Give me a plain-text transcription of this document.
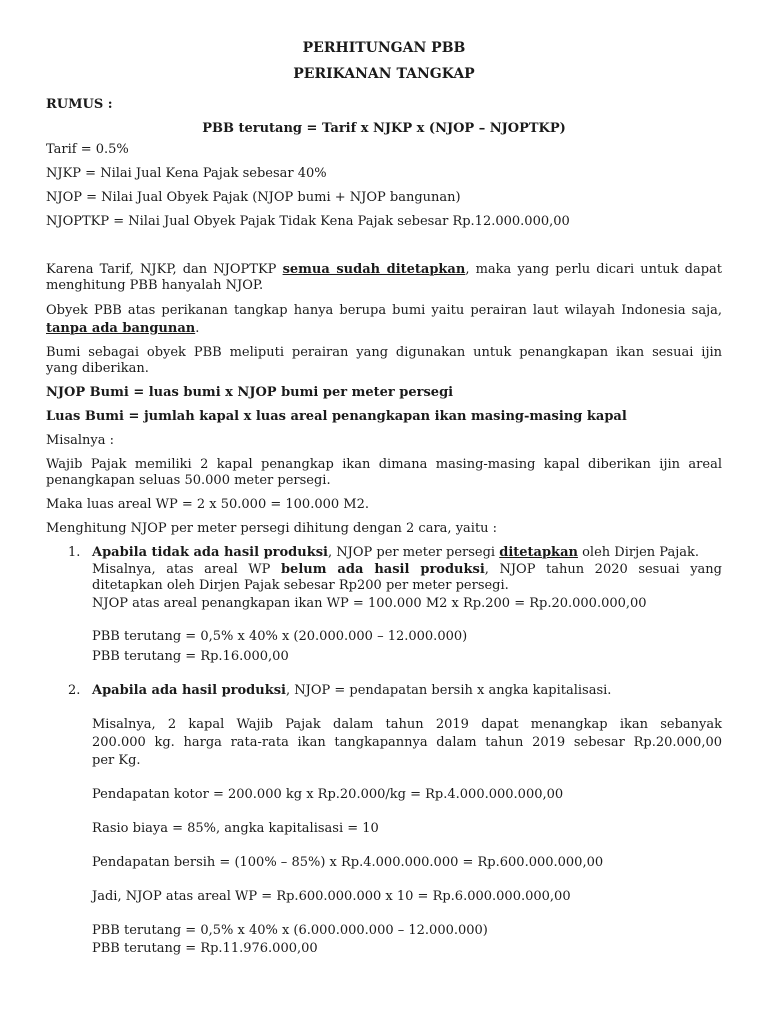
PERHITUNGAN PBB
PERIKANAN TANGKAP
RUMUS :
PBB terutang = Tarif x NJKP x (NJOP – NJOPTKP)
Tarif = 0.5%
NJKP = Nilai Jual Kena Pajak sebesar 40%
NJOP = Nilai Jual Obyek Pajak (NJOP bumi + NJOP bangunan)
NJOPTKP = Nilai Jual Obyek Pajak Tidak Kena Pajak sebesar Rp.12.000.000,00
Karena Tarif, NJKP, dan NJOPTKP semua sudah ditetapkan, maka yang perlu dicari untuk dapat
menghitung PBB hanyalah NJOP.
Obyek PBB atas perikanan tangkap hanya berupa bumi yaitu perairan laut wilayah Indonesia saja,
tanpa ada bangunan.
Bumi sebagai obyek PBB meliputi perairan yang digunakan untuk penangkapan ikan sesuai ijin
yang diberikan.
NJOP Bumi = luas bumi x NJOP bumi per meter persegi
Luas Bumi = jumlah kapal x luas areal penangkapan ikan masing-masing kapal
Misalnya :
Wajib Pajak memiliki 2 kapal penangkap ikan dimana masing-masing kapal diberikan ijin areal
penangkapan seluas 50.000 meter persegi.
Maka luas areal WP = 2 x 50.000 = 100.000 M2.
Menghitung NJOP per meter persegi dihitung dengan 2 cara, yaitu :
1. Apabila tidak ada hasil produksi, NJOP per meter persegi ditetapkan oleh Dirjen Pajak.
Misalnya, atas areal WP belum ada hasil produksi, NJOP tahun 2020 sesuai yang
ditetapkan oleh Dirjen Pajak sebesar Rp200 per meter persegi.
NJOP atas areal penangkapan ikan WP = 100.000 M2 x Rp.200 = Rp.20.000.000,00
PBB terutang = 0,5% x 40% x (20.000.000 – 12.000.000)
PBB terutang = Rp.16.000,00
2. Apabila ada hasil produksi, NJOP = pendapatan bersih x angka kapitalisasi.
Misalnya, 2 kapal Wajib Pajak dalam tahun 2019 dapat menangkap ikan sebanyak
200.000 kg. harga rata-rata ikan tangkapannya dalam tahun 2019 sebesar Rp.20.000,00
per Kg.
Pendapatan kotor = 200.000 kg x Rp.20.000/kg = Rp.4.000.000.000,00
Rasio biaya = 85%, angka kapitalisasi = 10
Pendapatan bersih = (100% – 85%) x Rp.4.000.000.000 = Rp.600.000.000,00
Jadi, NJOP atas areal WP = Rp.600.000.000 x 10 = Rp.6.000.000.000,00
PBB terutang = 0,5% x 40% x (6.000.000.000 – 12.000.000)
PBB terutang = Rp.11.976.000,00
